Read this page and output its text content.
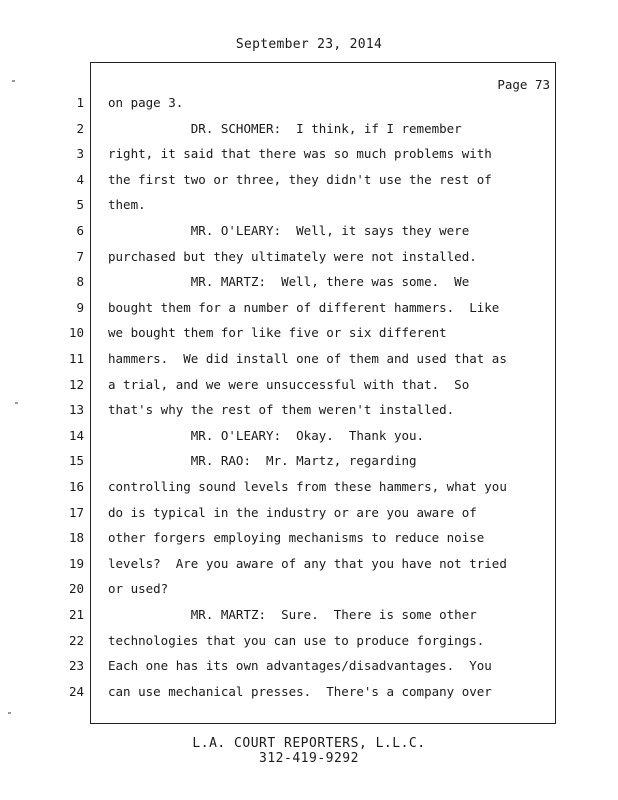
September 23, 2014
Page 73
1 on page 3.
2 DR. SCHOMER:  I think, if I remember
3 right, it said that there was so much problems with
4 the first two or three, they didn't use the rest of
5 them.
6 MR. O'LEARY:  Well, it says they were
7 purchased but they ultimately were not installed.
8 MR. MARTZ:  Well, there was some.  We
9 bought them for a number of different hammers.  Like
10 we bought them for like five or six different
11 hammers.  We did install one of them and used that as
12 a trial, and we were unsuccessful with that.  So
13 that's why the rest of them weren't installed.
14 MR. O'LEARY:  Okay.  Thank you.
15 MR. RAO:  Mr. Martz, regarding
16 controlling sound levels from these hammers, what you
17 do is typical in the industry or are you aware of
18 other forgers employing mechanisms to reduce noise
19 levels?  Are you aware of any that you have not tried
20 or used?
21 MR. MARTZ:  Sure.  There is some other
22 technologies that you can use to produce forgings.
23 Each one has its own advantages/disadvantages.  You
24 can use mechanical presses.  There's a company over
L.A. COURT REPORTERS, L.L.C.
312-419-9292
